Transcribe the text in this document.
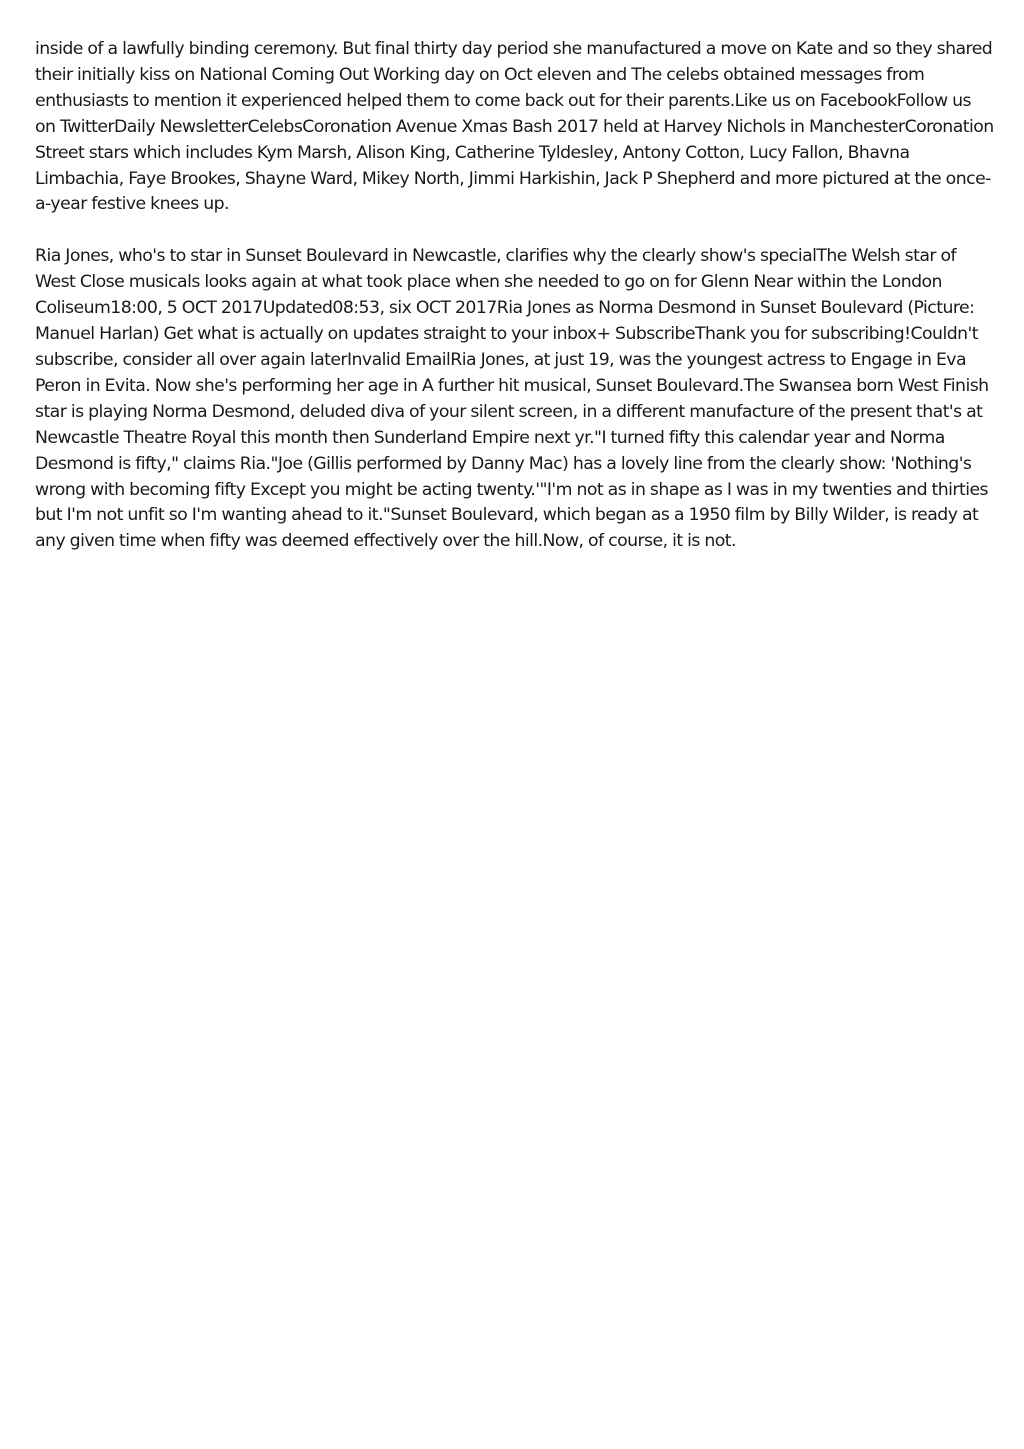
inside of a lawfully binding ceremony. But final thirty day period she manufactured a move on Kate and so they shared their initially kiss on National Coming Out Working day on Oct eleven and The celebs obtained messages from enthusiasts to mention it experienced helped them to come back out for their parents.Like us on FacebookFollow us on TwitterDaily NewsletterCelebsCoronation Avenue Xmas Bash 2017 held at Harvey Nichols in ManchesterCoronation Street stars which includes Kym Marsh, Alison King, Catherine Tyldesley, Antony Cotton, Lucy Fallon, Bhavna Limbachia, Faye Brookes, Shayne Ward, Mikey North, Jimmi Harkishin, Jack P Shepherd and more pictured at the once-a-year festive knees up.

Ria Jones, who's to star in Sunset Boulevard in Newcastle, clarifies why the clearly show's specialThe Welsh star of West Close musicals looks again at what took place when she needed to go on for Glenn Near within the London Coliseum18:00, 5 OCT 2017Updated08:53, six OCT 2017Ria Jones as Norma Desmond in Sunset Boulevard (Picture: Manuel Harlan) Get what is actually on updates straight to your inbox+ SubscribeThank you for subscribing!Couldn't subscribe, consider all over again laterInvalid EmailRia Jones, at just 19, was the youngest actress to Engage in Eva Peron in Evita. Now she's performing her age in A further hit musical, Sunset Boulevard.The Swansea born West Finish star is playing Norma Desmond, deluded diva of your silent screen, in a different manufacture of the present that's at Newcastle Theatre Royal this month then Sunderland Empire next yr."I turned fifty this calendar year and Norma Desmond is fifty," claims Ria."Joe (Gillis performed by Danny Mac) has a lovely line from the clearly show: 'Nothing's wrong with becoming fifty Except you might be acting twenty.'"I'm not as in shape as I was in my twenties and thirties but I'm not unfit so I'm wanting ahead to it."Sunset Boulevard, which began as a 1950 film by Billy Wilder, is ready at any given time when fifty was deemed effectively over the hill.Now, of course, it is not.
